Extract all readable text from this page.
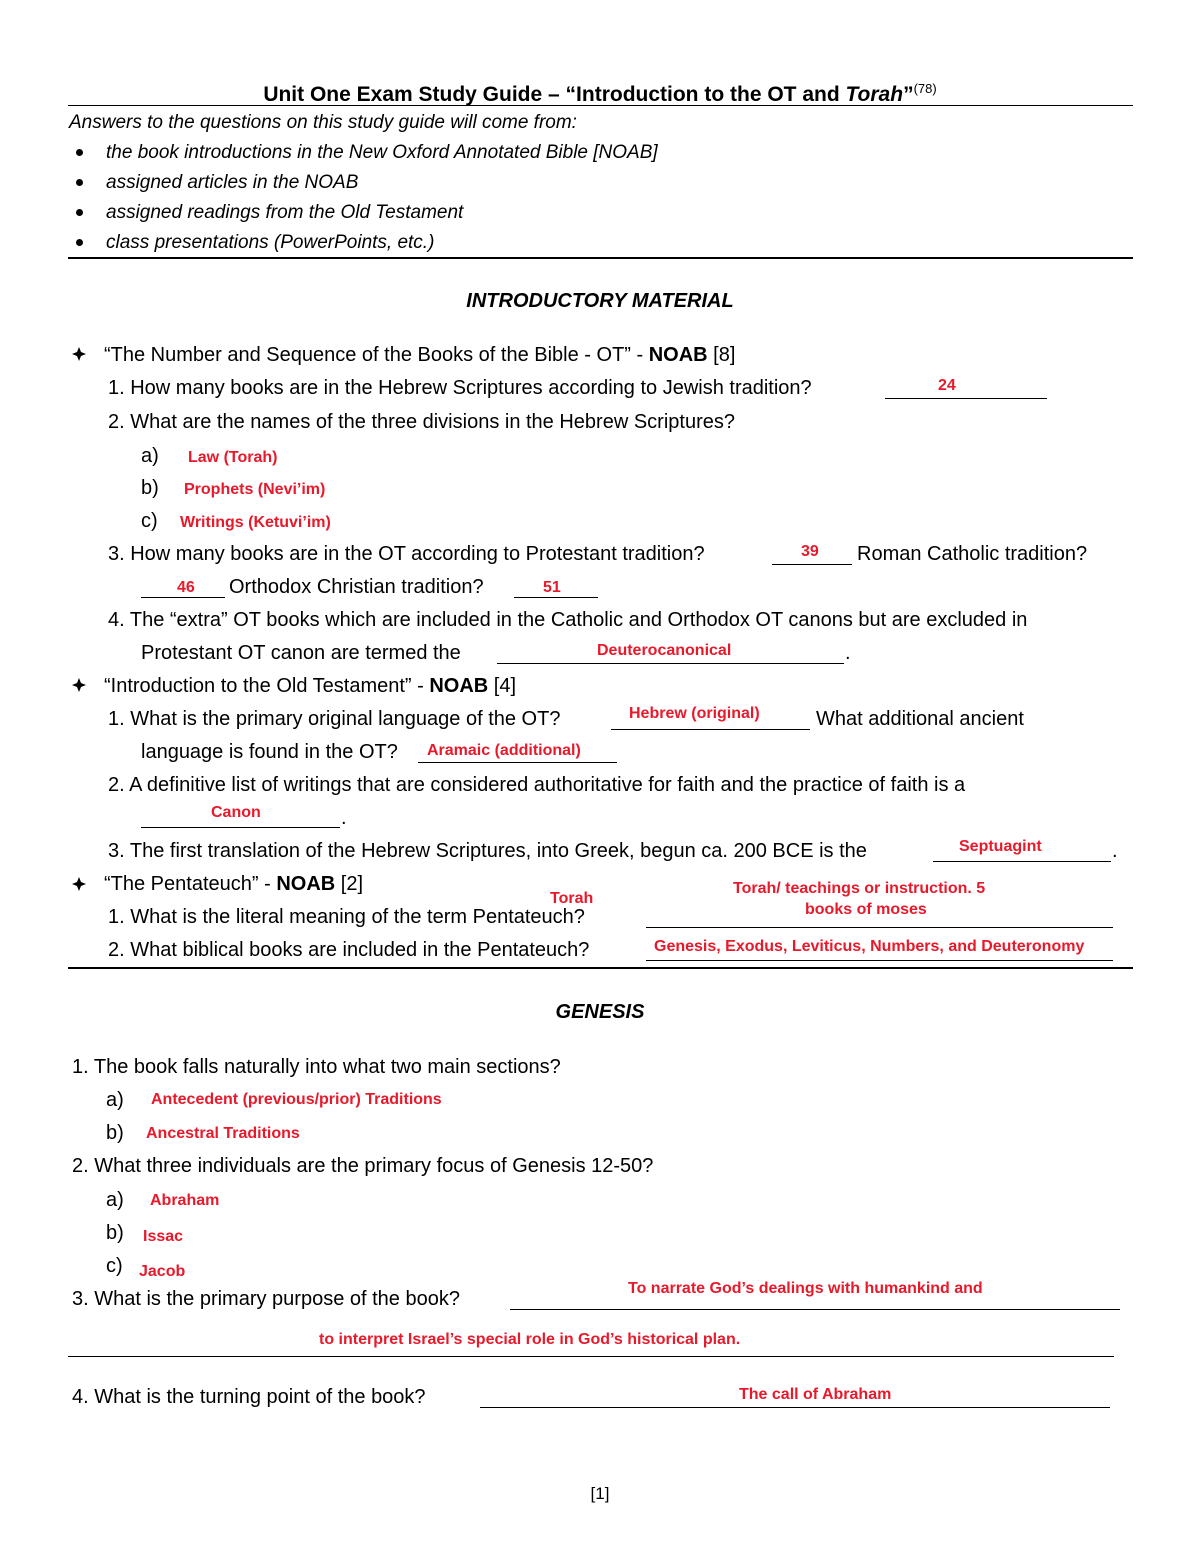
Unit One Exam Study Guide – “Introduction to the OT and Torah”$^{(78)}$
Answers to the questions on this study guide will come from:
the book introductions in the New Oxford Annotated Bible [NOAB]
assigned articles in the NOAB
assigned readings from the Old Testament
class presentations (PowerPoints, etc.)
INTRODUCTORY MATERIAL
“The Number and Sequence of the Books of the Bible - OT” - NOAB [8]
1. How many books are in the Hebrew Scriptures according to Jewish tradition?	24
2. What are the names of the three divisions in the Hebrew Scriptures?
a) Law (Torah)
b) Prophets (Nevi’im)
c) Writings (Ketuvi’im)
3. How many books are in the OT according to Protestant tradition?	39 Roman Catholic tradition?
46 Orthodox Christian tradition?	51
4. The “extra” OT books which are included in the Catholic and Orthodox OT canons but are excluded in
Protestant OT canon are termed the	Deuterocanonical	.
“Introduction to the Old Testament” - NOAB [4]
1. What is the primary original language of the OT?	Hebrew (original)	What additional ancient
language is found in the OT? Aramaic (additional)
2. A definitive list of writings that are considered authoritative for faith and the practice of faith is a
Canon	.
3. The first translation of the Hebrew Scriptures, into Greek, begun ca. 200 BCE is the	Septuagint	.
“The Pentateuch” - NOAB [2]
Torah
Torah/ teachings or instruction. 5
books of moses
1. What is the literal meaning of the term Pentateuch?
2. What biblical books are included in the Pentateuch?	Genesis, Exodus, Leviticus, Numbers, and Deuteronomy
GENESIS
1. The book falls naturally into what two main sections?
a) Antecedent (previous/prior) Traditions
b) Ancestral Traditions
2. What three individuals are the primary focus of Genesis 12-50?
a) Abraham
b) Issac
c) Jacob
To narrate God’s dealings with humankind and
3. What is the primary purpose of the book?
to interpret Israel’s special role in God’s historical plan.
4. What is the turning point of the book?	The call of Abraham
[1]
